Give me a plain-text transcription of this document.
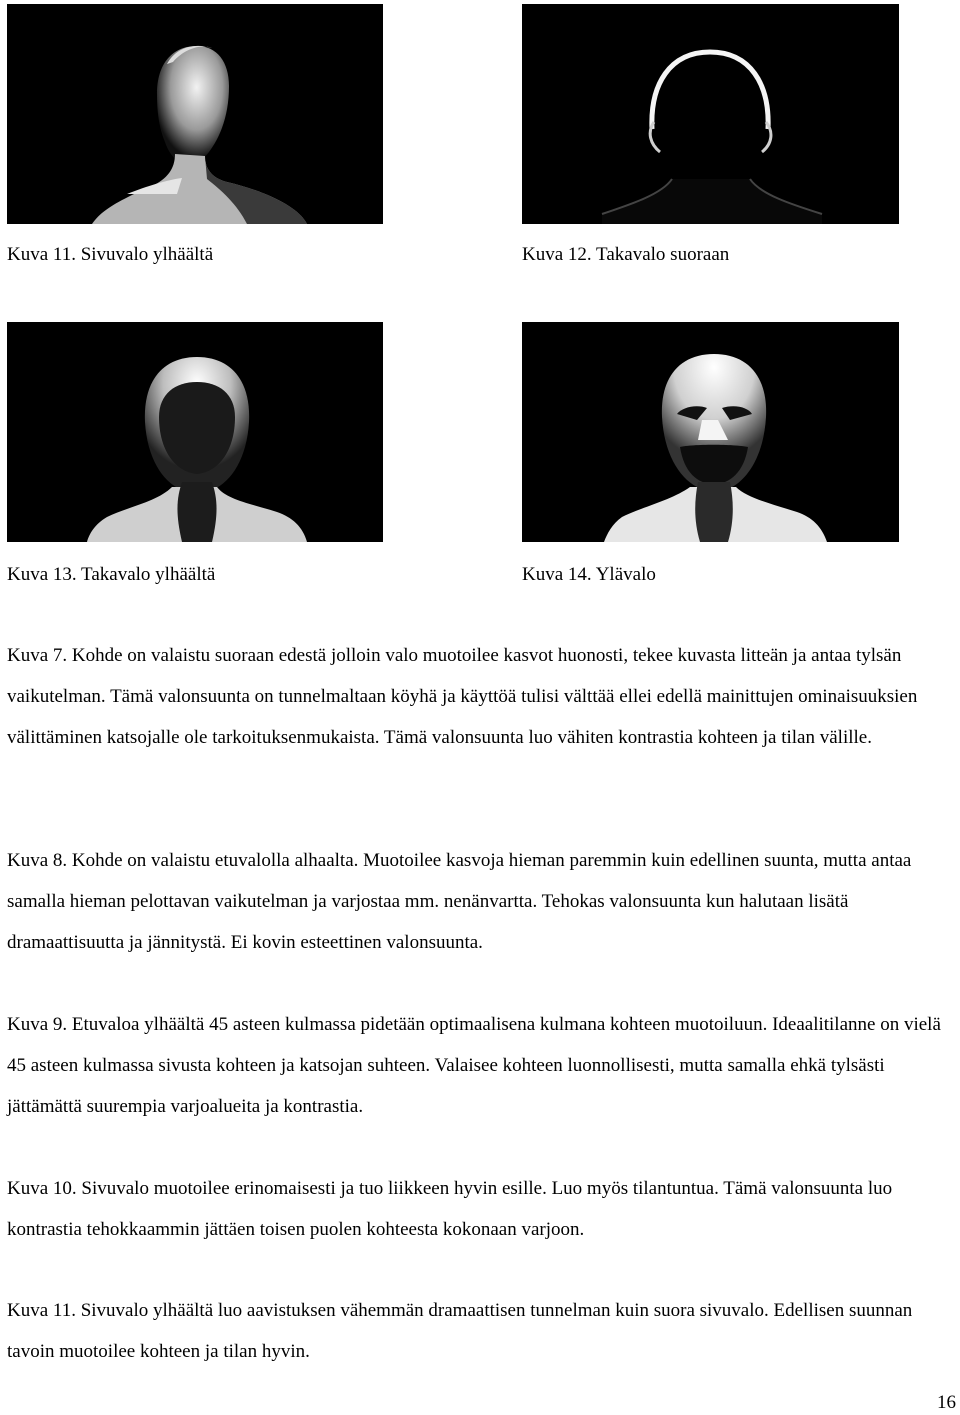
Kuva 11. Sivuvalo ylhäältä	Kuva 12. Takavalo suoraan
Kuva 13. Takavalo ylhäältä	Kuva 14. Ylävalo

Kuva 7. Kohde on valaistu suoraan edestä jolloin valo muotoilee kasvot huonosti, tekee kuvasta litteän ja antaa tylsän vaikutelman. Tämä valonsuunta on tunnelmaltaan köyhä ja käyttöä tulisi välttää ellei edellä mainittujen ominaisuuksien välittäminen katsojalle ole tarkoituksenmukaista. Tämä valonsuunta luo vähiten kontrastia kohteen ja tilan välille.

Kuva 8. Kohde on valaistu etuvalolla alhaalta. Muotoilee kasvoja hieman paremmin kuin edellinen suunta, mutta antaa samalla hieman pelottavan vaikutelman ja varjostaa mm. nenänvartta. Tehokas valonsuunta kun halutaan lisätä dramaattisuutta ja jännitystä. Ei kovin esteettinen valonsuunta.

Kuva 9. Etuvaloa ylhäältä 45 asteen kulmassa pidetään optimaalisena kulmana kohteen muotoiluun. Ideaalitilanne on vielä 45 asteen kulmassa sivusta kohteen ja katsojan suhteen. Valaisee kohteen luonnollisesti, mutta samalla ehkä tylsästi jättämättä suurempia varjoalueita ja kontrastia.

Kuva 10. Sivuvalo muotoilee erinomaisesti ja tuo liikkeen hyvin esille. Luo myös tilantuntua. Tämä valonsuunta luo kontrastia tehokkaammin jättäen toisen puolen kohteesta kokonaan varjoon.

Kuva 11. Sivuvalo ylhäältä luo aavistuksen vähemmän dramaattisen tunnelman kuin suora sivuvalo. Edellisen suunnan tavoin muotoilee kohteen ja tilan hyvin.

16
